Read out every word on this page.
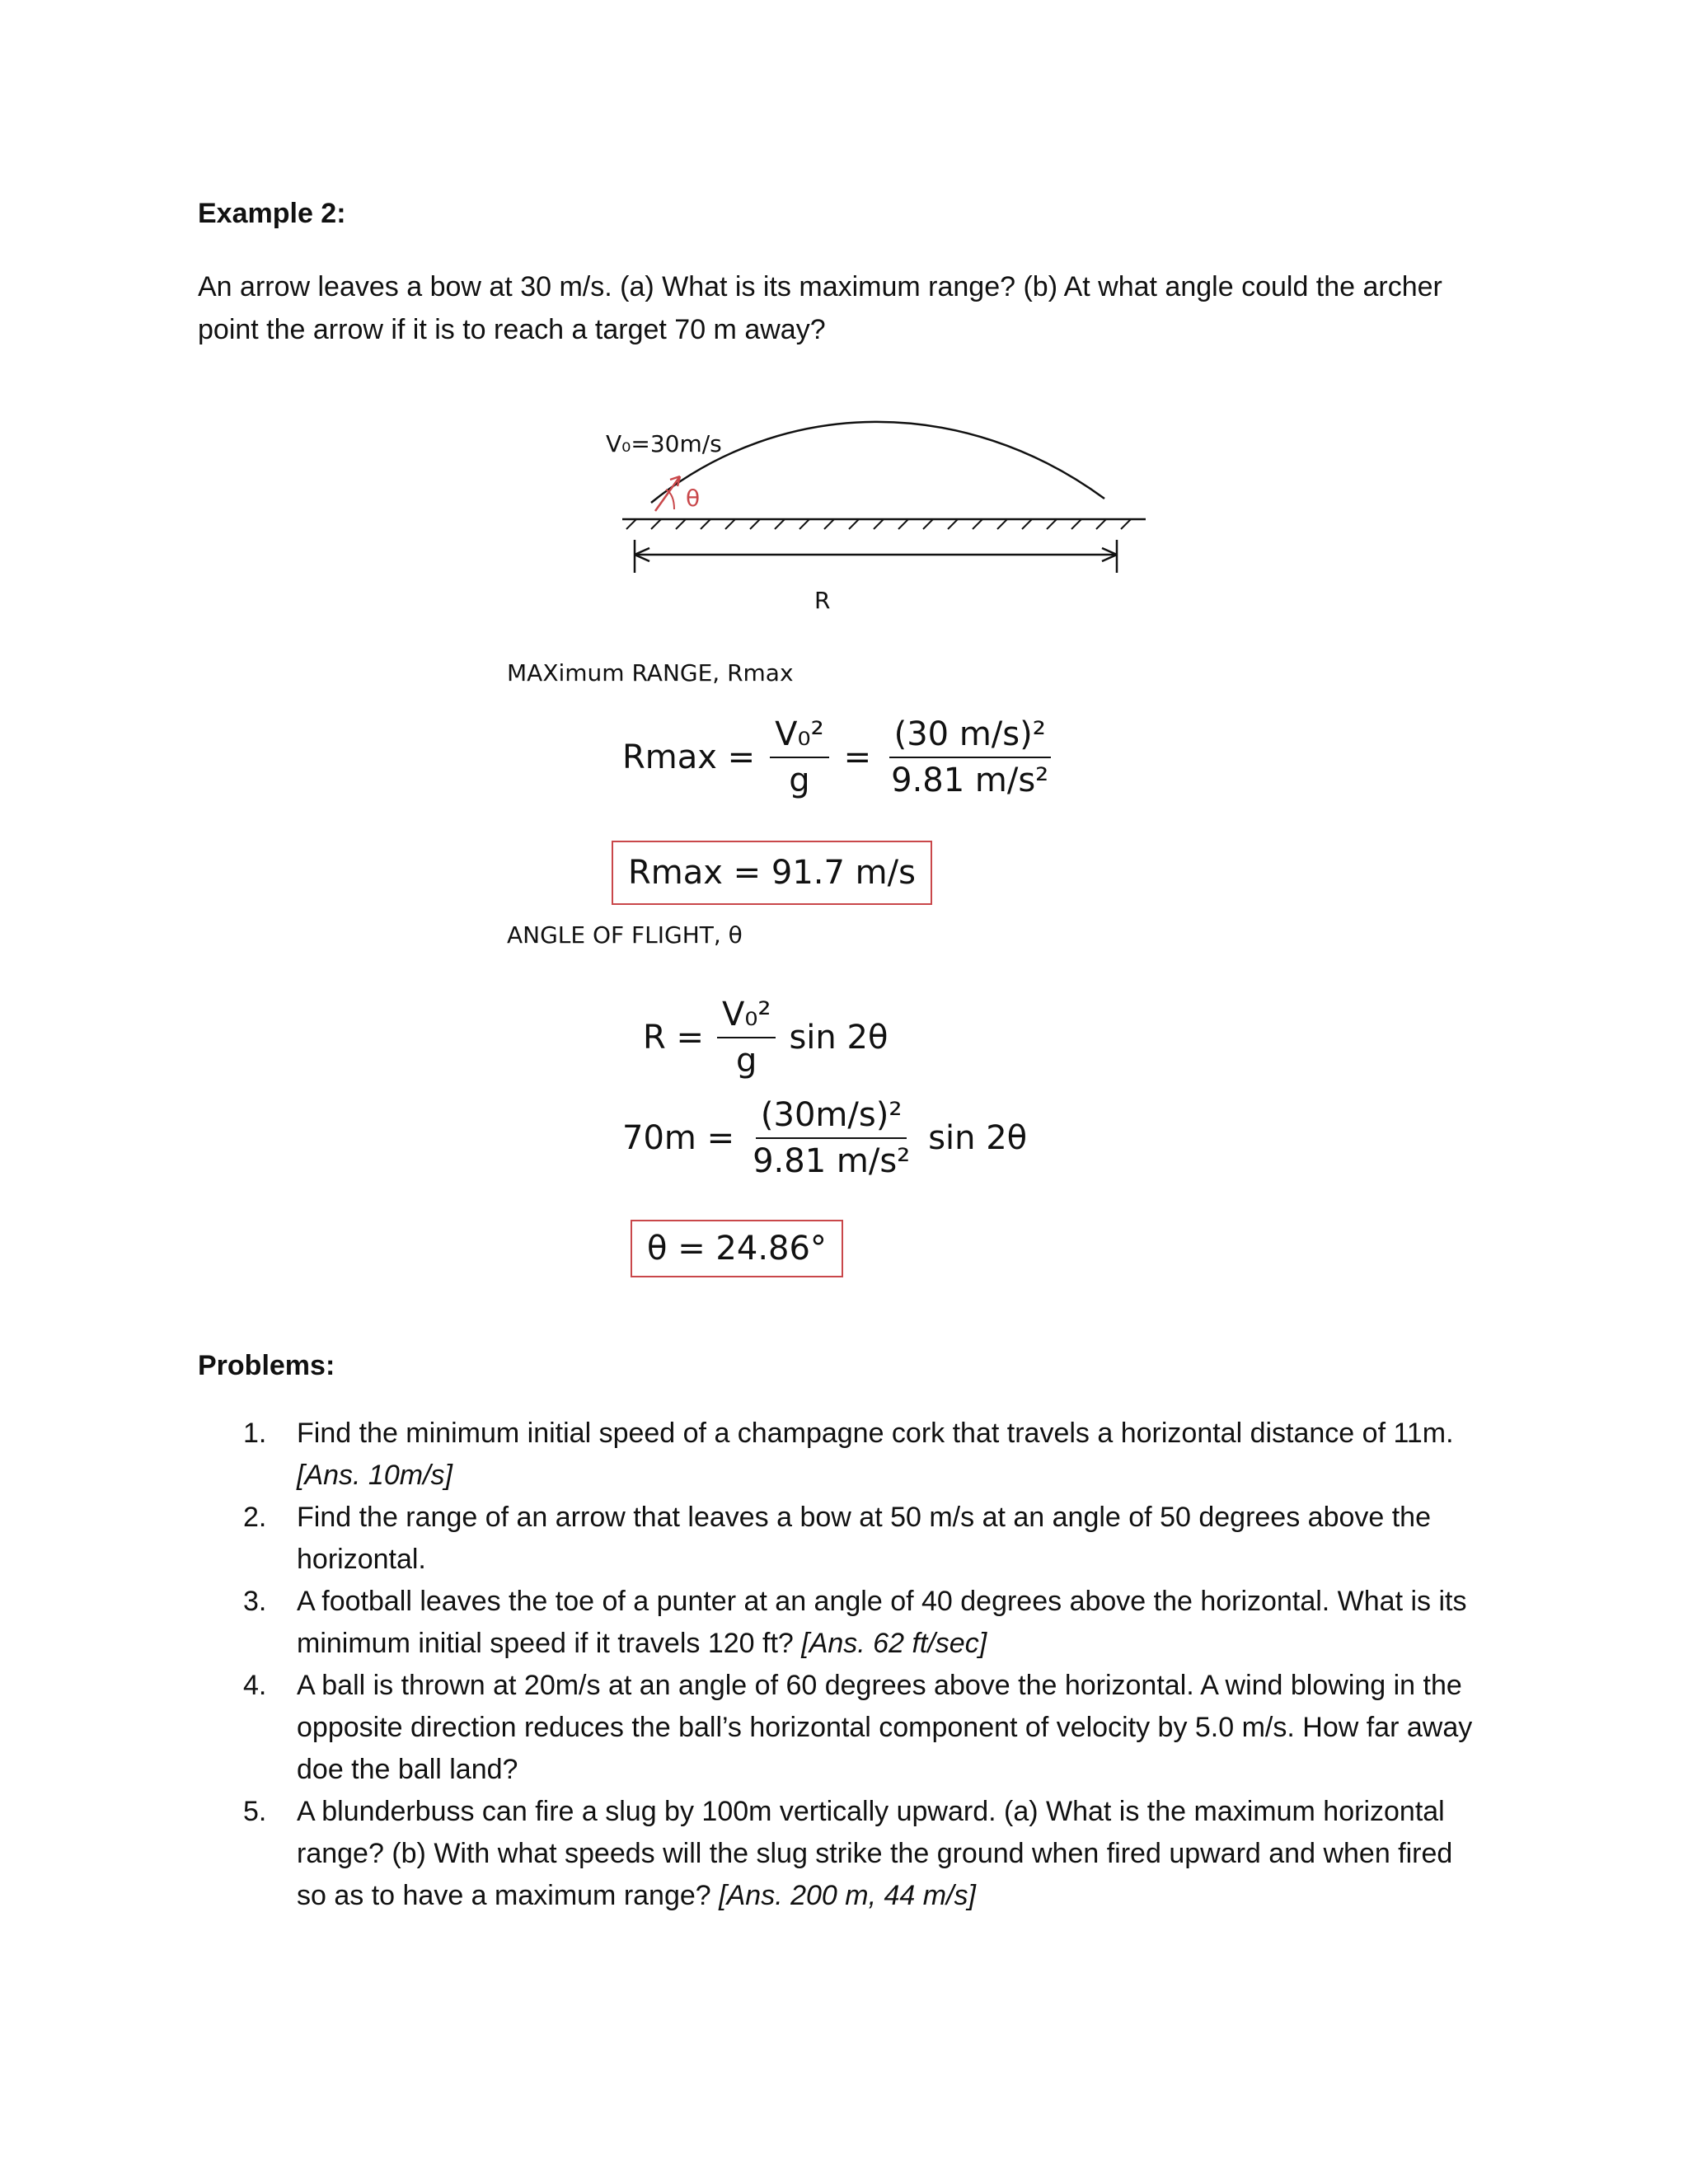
Example 2:
An arrow leaves a bow at 30 m/s. (a) What is its maximum range? (b) At what angle could the archer point the arrow if it is to reach a target 70 m away?
V₀=30m/s
θ
R
MAXimum RANGE, Rmax
$Rmax = \frac{\text{V₀²}}{g} = \frac{\text{(30 m/s)²}}{\text{9.81 m/s²}}$
Rmax = 91.7 m/s
ANGLE OF FLIGHT, θ
$R = \frac{\text{V₀²}}{g}$ sin 2θ
$70m = \frac{\text{(30m/s)²}}{\text{9.81 m/s²}}$ sin 2θ
θ = 24.86°
Problems:
1. Find the minimum initial speed of a champagne cork that travels a horizontal distance of 11m. [Ans. 10m/s]
2. Find the range of an arrow that leaves a bow at 50 m/s at an angle of 50 degrees above the horizontal.
3. A football leaves the toe of a punter at an angle of 40 degrees above the horizontal. What is its minimum initial speed if it travels 120 ft? [Ans. 62 ft/sec]
4. A ball is thrown at 20m/s at an angle of 60 degrees above the horizontal. A wind blowing in the opposite direction reduces the ball’s horizontal component of velocity by 5.0 m/s. How far away doe the ball land?
5. A blunderbuss can fire a slug by 100m vertically upward. (a) What is the maximum horizontal range? (b) With what speeds will the slug strike the ground when fired upward and when fired so as to have a maximum range? [Ans. 200 m, 44 m/s]
